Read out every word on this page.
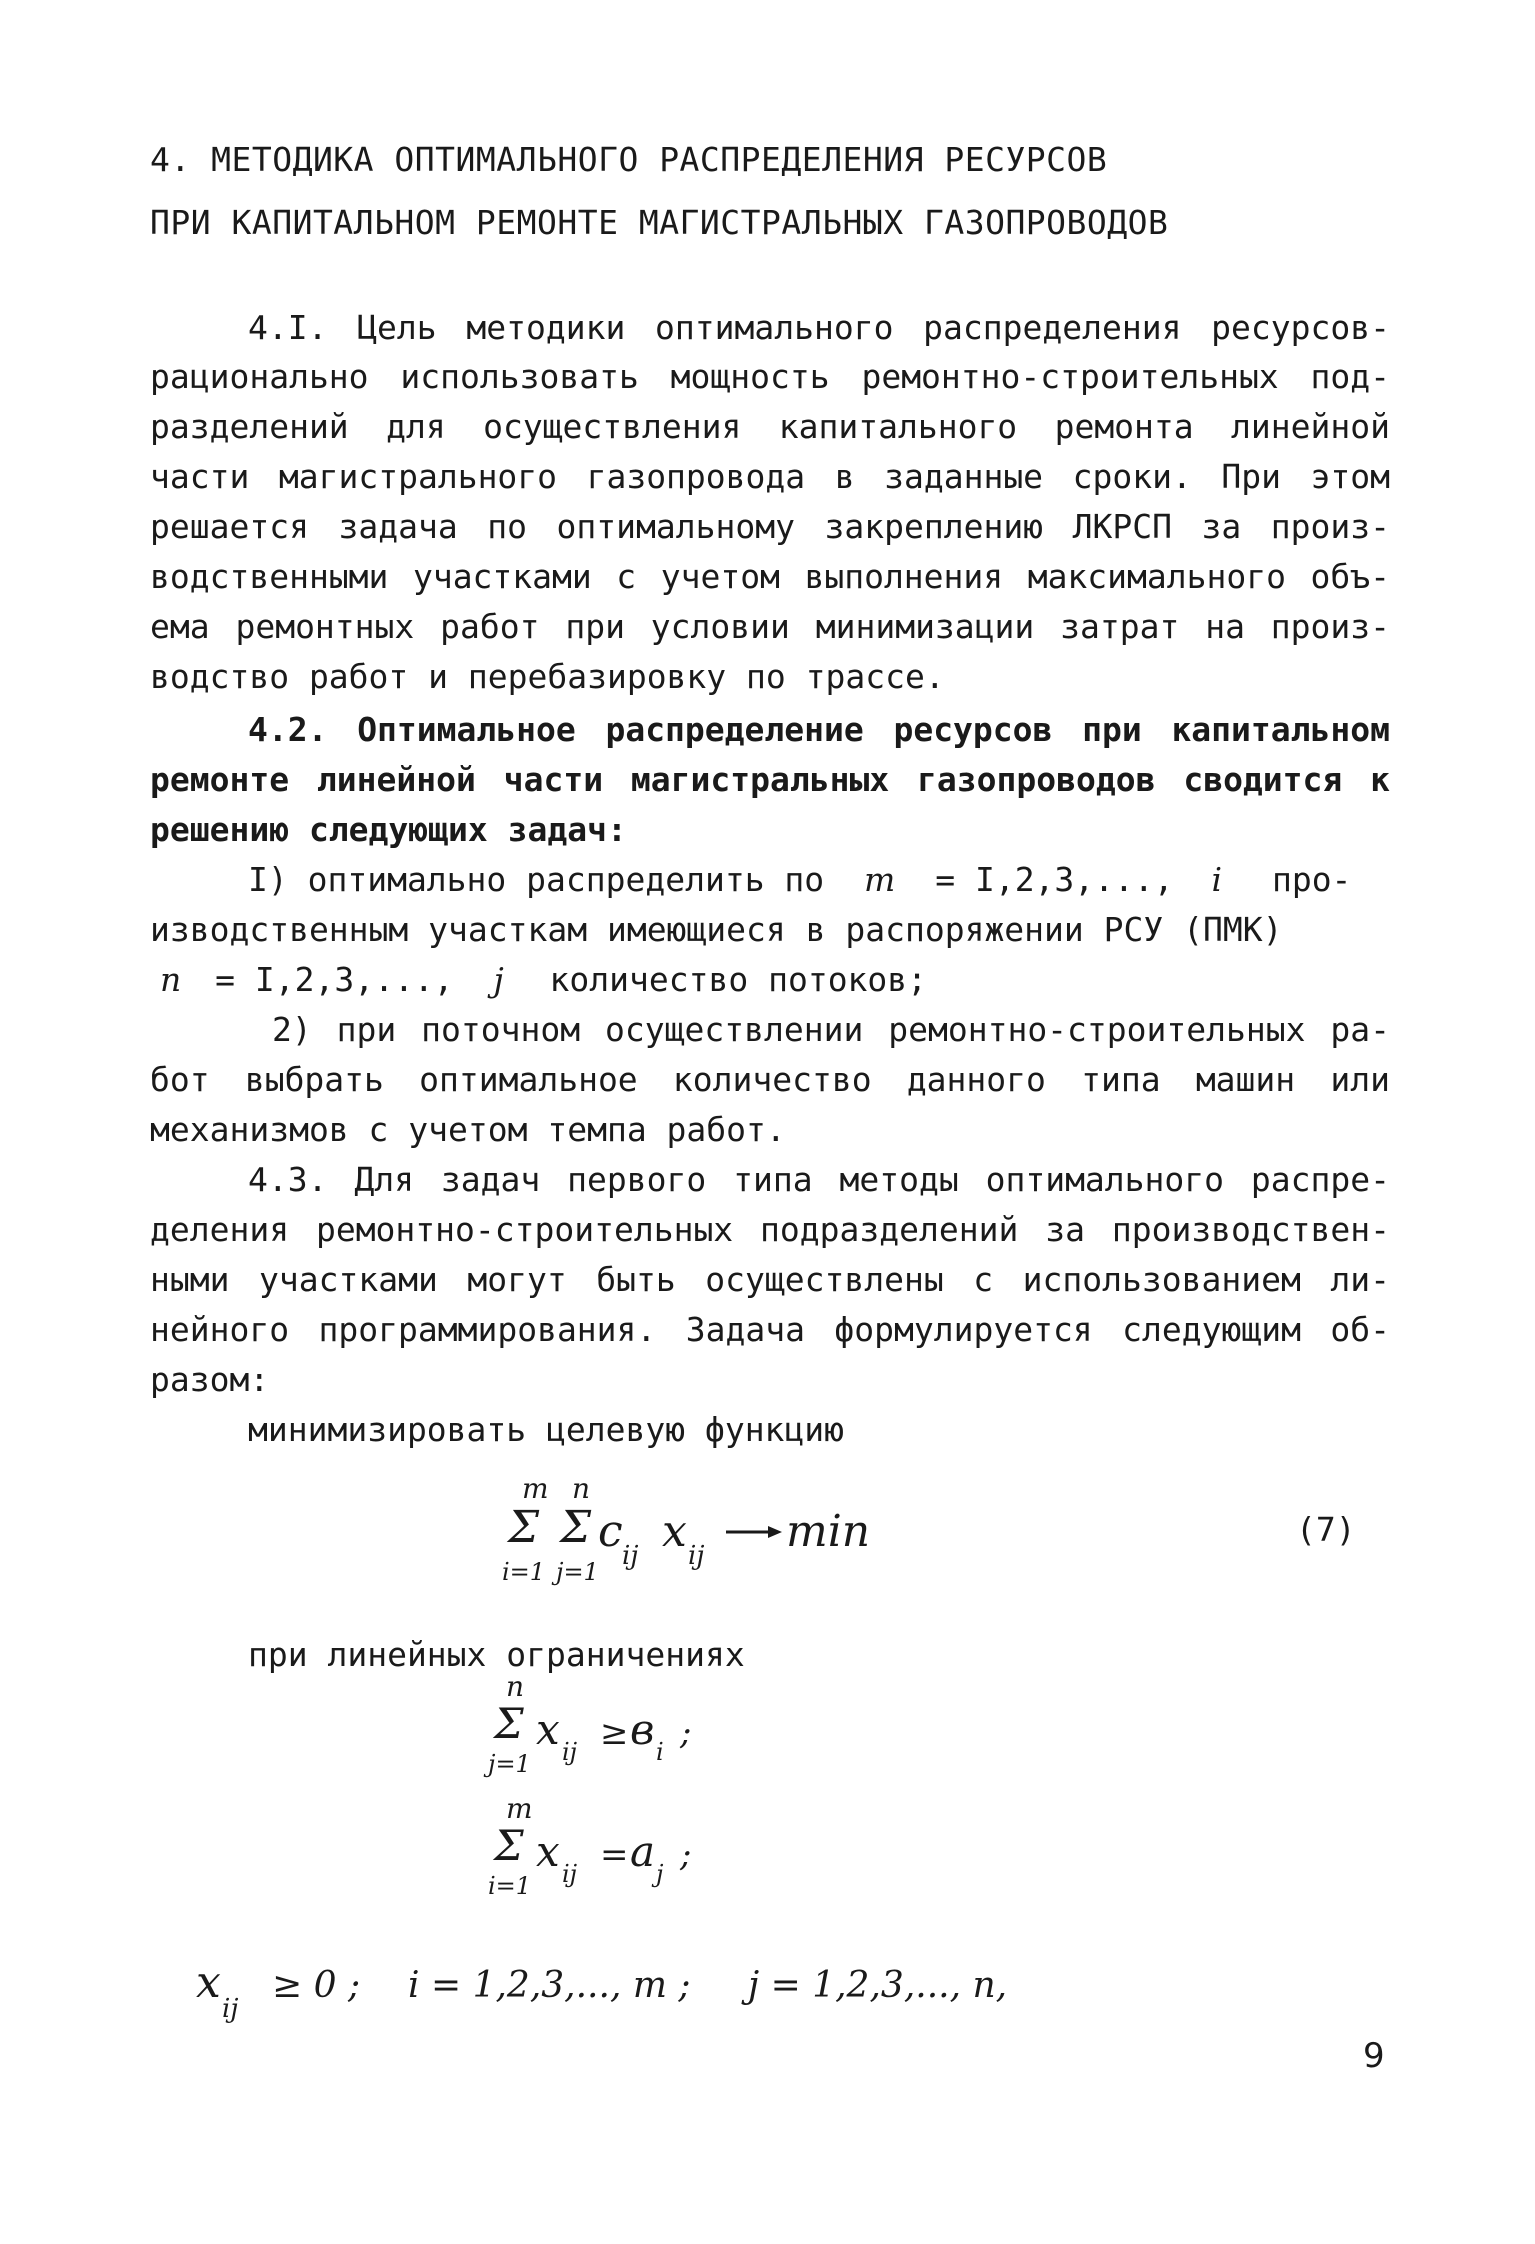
4. МЕТОДИКА ОПТИМАЛЬНОГО РАСПРЕДЕЛЕНИЯ РЕСУРСОВ
ПРИ КАПИТАЛЬНОМ РЕМОНТЕ МАГИСТРАЛЬНЫХ ГАЗОПРОВОДОВ
4.I. Цель методики оптимального распределения ресурсов-
рационально использовать мощность ремонтно-строительных под-
разделений для осуществления капитального ремонта линейной
части магистрального газопровода в заданные сроки. При этом
решается задача по оптимальному закреплению ЛКРСП за произ-
водственными участками с учетом выполнения максимального объ-
ема ремонтных работ при условии минимизации затрат на произ-
водство работ и перебазировку по трассе.
4.2. Оптимальное распределение ресурсов при капитальном
ремонте линейной части магистральных газопроводов сводится к
решению следующих задач:
I) оптимально распределить по m = I,2,3,..., i про-
изводственным участкам имеющиеся в распоряжении РСУ (ПМК)
n = I,2,3,..., j количество потоков;
2) при поточном осуществлении ремонтно-строительных ра-
бот выбрать оптимальное количество данного типа машин или
механизмов с учетом темпа работ.
4.3. Для задач первого типа методы оптимального распре-
деления ремонтно-строительных подразделений за производствен-
ными участками могут быть осуществлены с использованием ли-
нейного программирования. Задача формулируется следующим об-
разом:
минимизировать целевую функцию
m
Σ
i=1
n
Σ
j=1
c ij x ij min	(7)
при линейных ограничениях
n
Σ
j=1
x ij ≥ в i ;
m
Σ
i=1
x ij = a j ;
x
ij
≥ 0 ; i = 1,2,3,..., m ; j = 1,2,3,..., n,
9
